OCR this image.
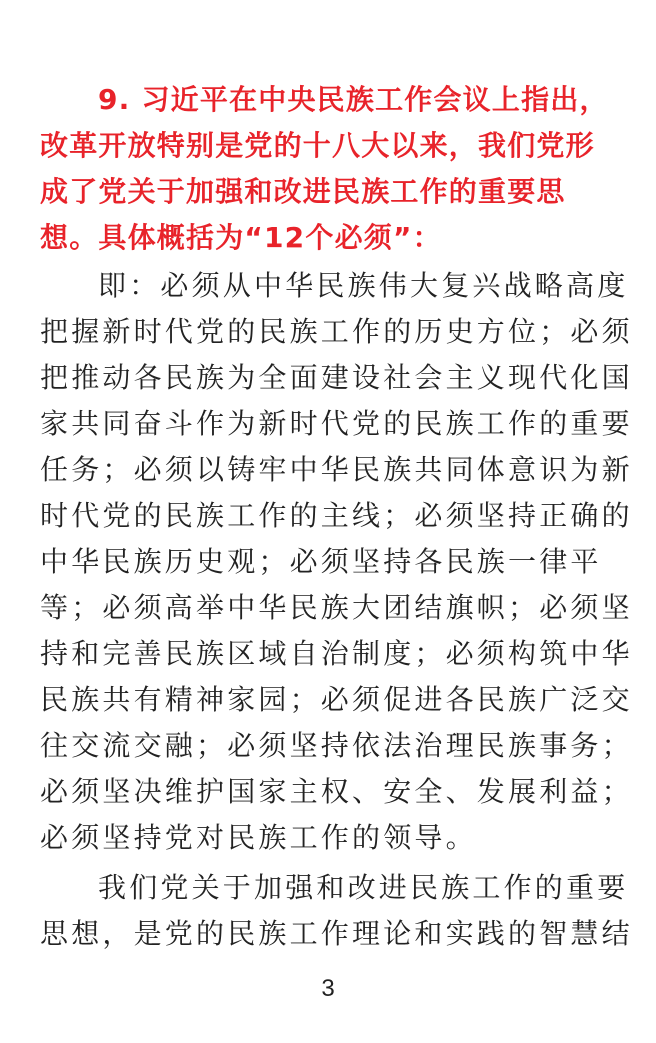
9. 习近平在中央民族工作会议上指出，
改革开放特别是党的十八大以来，我们党形
成了党关于加强和改进民族工作的重要思
想。具体概括为“12个必须”：
即：必须从中华民族伟大复兴战略高度
把握新时代党的民族工作的历史方位；必须
把推动各民族为全面建设社会主义现代化国
家共同奋斗作为新时代党的民族工作的重要
任务；必须以铸牢中华民族共同体意识为新
时代党的民族工作的主线；必须坚持正确的
中华民族历史观；必须坚持各民族一律平
等；必须高举中华民族大团结旗帜；必须坚
持和完善民族区域自治制度；必须构筑中华
民族共有精神家园；必须促进各民族广泛交
往交流交融；必须坚持依法治理民族事务；
必须坚决维护国家主权、安全、发展利益；
必须坚持党对民族工作的领导。
我们党关于加强和改进民族工作的重要
思想，是党的民族工作理论和实践的智慧结
3
